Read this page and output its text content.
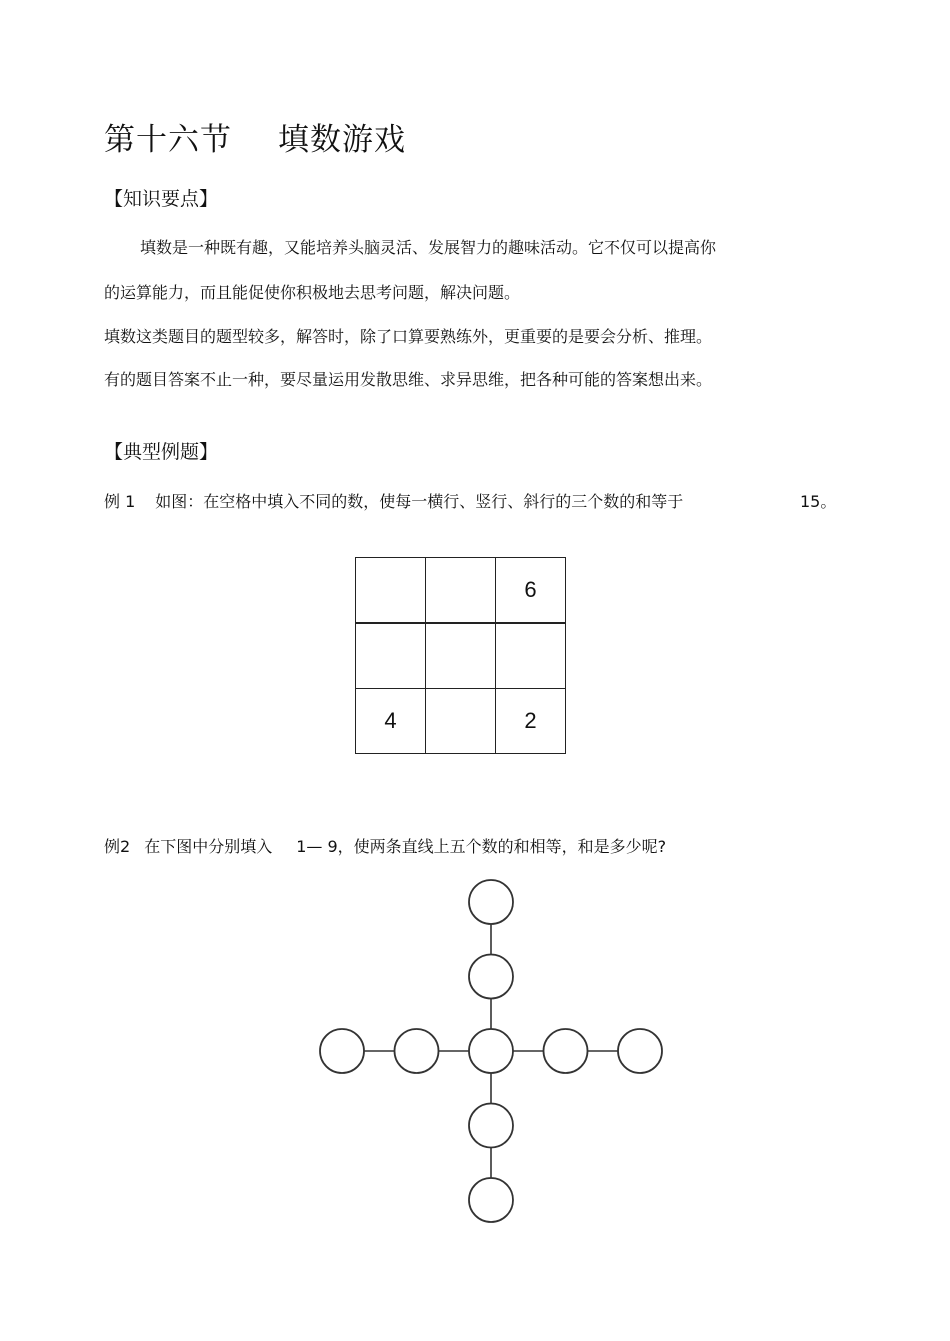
第十六节 填数游戏
【知识要点】
填数是一种既有趣，又能培养头脑灵活、发展智力的趣味活动。它不仅可以提高你
的运算能力，而且能促使你积极地去思考问题，解决问题。
填数这类题目的题型较多，解答时，除了口算要熟练外，更重要的是要会分析、推理。
有的题目答案不止一种，要尽量运用发散思维、求异思维，把各种可能的答案想出来。
【典型例题】
例 1 如图：在空格中填入不同的数，使每一横行、竖行、斜行的三个数的和等于	15。
		6

4		2
例2 在下图中分别填入 1— 9，使两条直线上五个数的和相等，和是多少呢?
